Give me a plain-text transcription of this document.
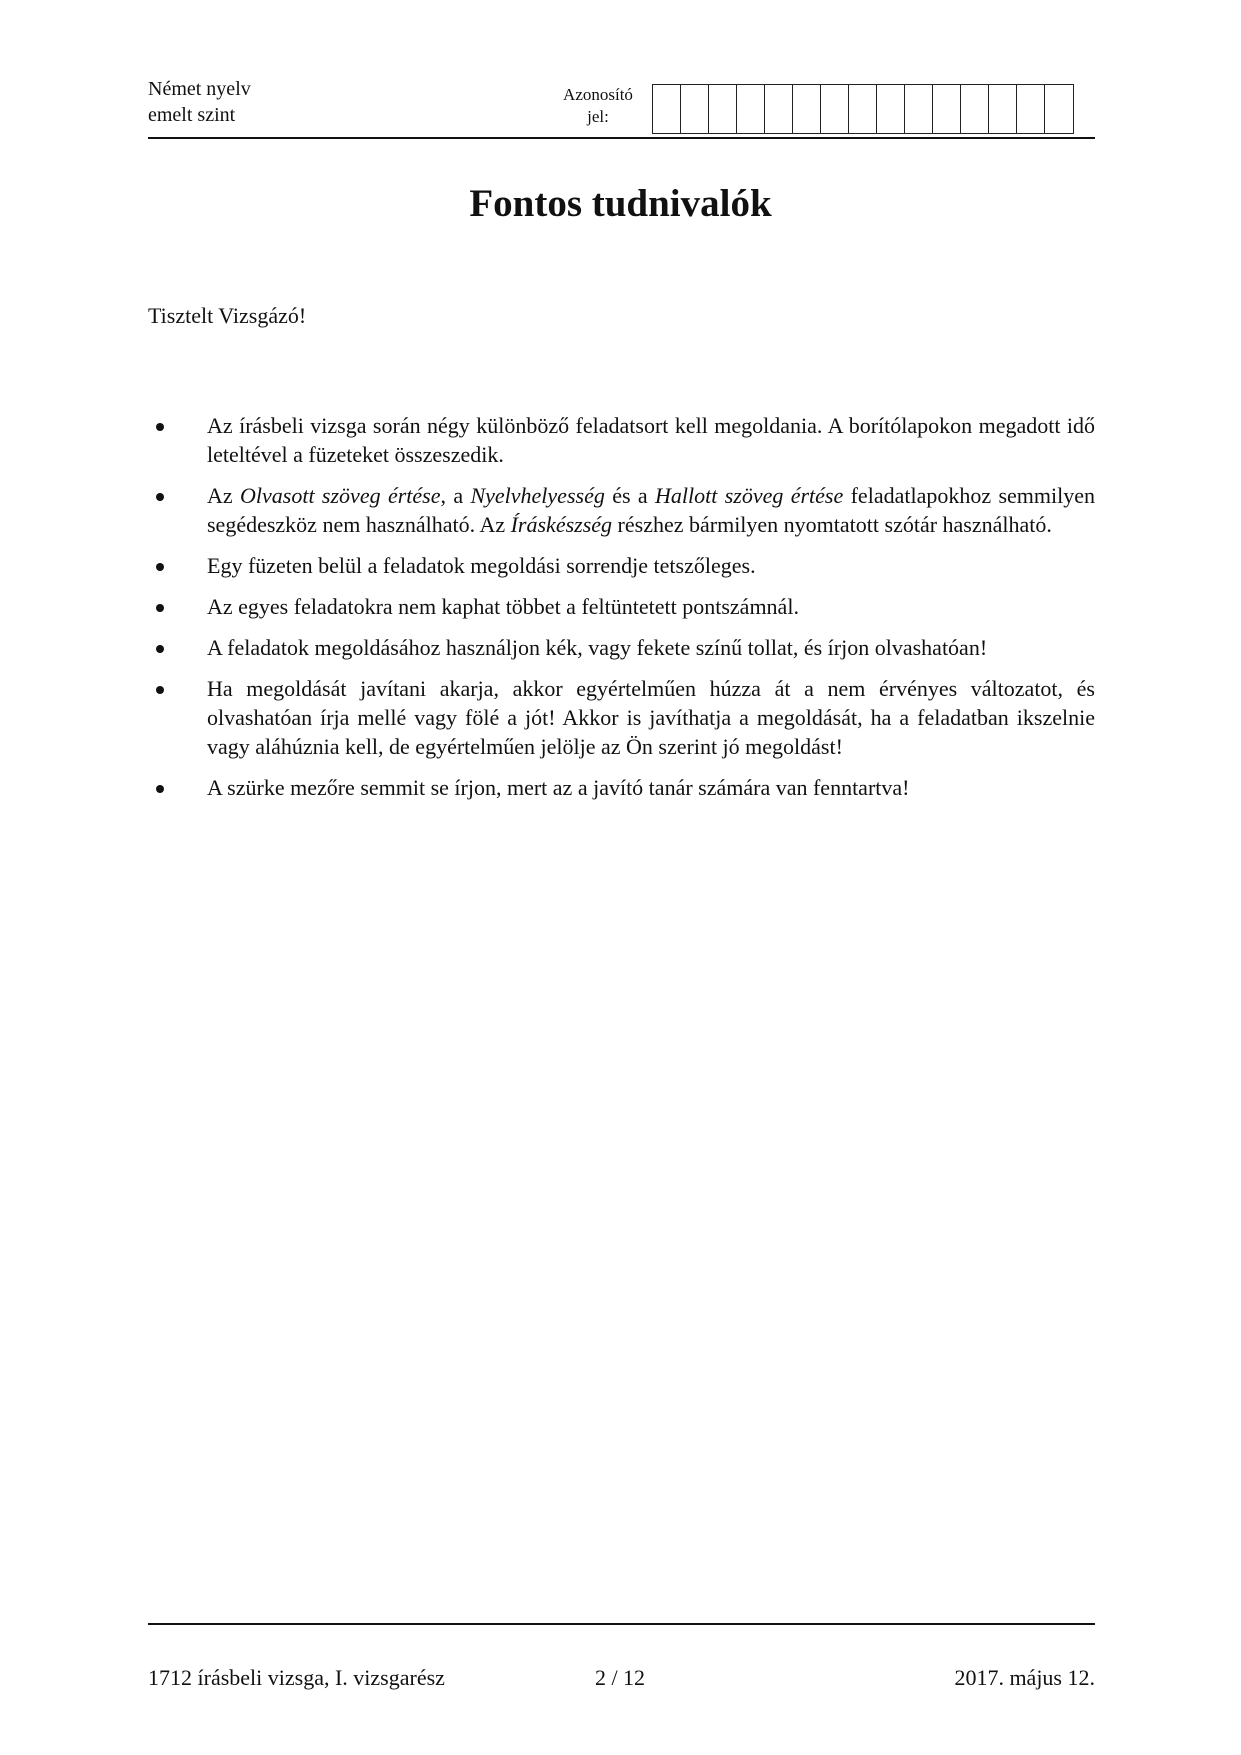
Német nyelv
emelt szint
Azonosító
jel:
Fontos tudnivalók
Tisztelt Vizsgázó!
Az írásbeli vizsga során négy különböző feladatsort kell megoldania. A borítólapokon megadott idő leteltével a füzeteket összeszedik.
Az Olvasott szöveg értése, a Nyelvhelyesség és a Hallott szöveg értése feladatlapokhoz semmilyen segédeszköz nem használható. Az Íráskészség részhez bármilyen nyomtatott szótár használható.
Egy füzeten belül a feladatok megoldási sorrendje tetszőleges.
Az egyes feladatokra nem kaphat többet a feltüntetett pontszámnál.
A feladatok megoldásához használjon kék, vagy fekete színű tollat, és írjon olvashatóan!
Ha megoldását javítani akarja, akkor egyértelműen húzza át a nem érvényes változatot, és olvashatóan írja mellé vagy fölé a jót! Akkor is javíthatja a megoldását, ha a feladatban ikszelnie vagy aláhúznia kell, de egyértelműen jelölje az Ön szerint jó megoldást!
A szürke mezőre semmit se írjon, mert az a javító tanár számára van fenntartva!
1712 írásbeli vizsga, I. vizsgarész	2 / 12	2017. május 12.
